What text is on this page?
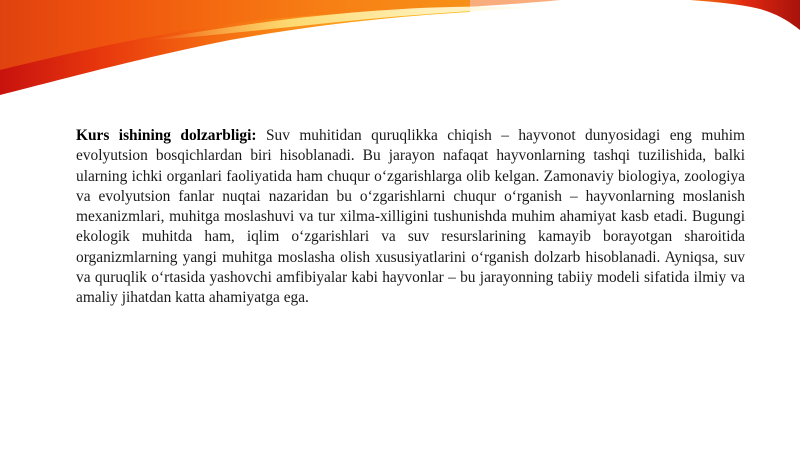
Kurs ishining dolzarbligi: Suv muhitidan quruqlikka chiqish – hayvonot dunyosidagi eng muhim evolyutsion bosqichlardan biri hisoblanadi. Bu jarayon nafaqat hayvonlarning tashqi tuzilishida, balki ularning ichki organlari faoliyatida ham chuqur o‘zgarishlarga olib kelgan. Zamonaviy biologiya, zoologiya va evolyutsion fanlar nuqtai nazaridan bu o‘zgarishlarni chuqur o‘rganish – hayvonlarning moslanish mexanizmlari, muhitga moslashuvi va tur xilma-xilligini tushunishda muhim ahamiyat kasb etadi. Bugungi ekologik muhitda ham, iqlim o‘zgarishlari va suv resurslarining kamayib borayotgan sharoitida organizmlarning yangi muhitga moslasha olish xususiyatlarini o‘rganish dolzarb hisoblanadi. Ayniqsa, suv va quruqlik o‘rtasida yashovchi amfibiyalar kabi hayvonlar – bu jarayonning tabiiy modeli sifatida ilmiy va amaliy jihatdan katta ahamiyatga ega.
